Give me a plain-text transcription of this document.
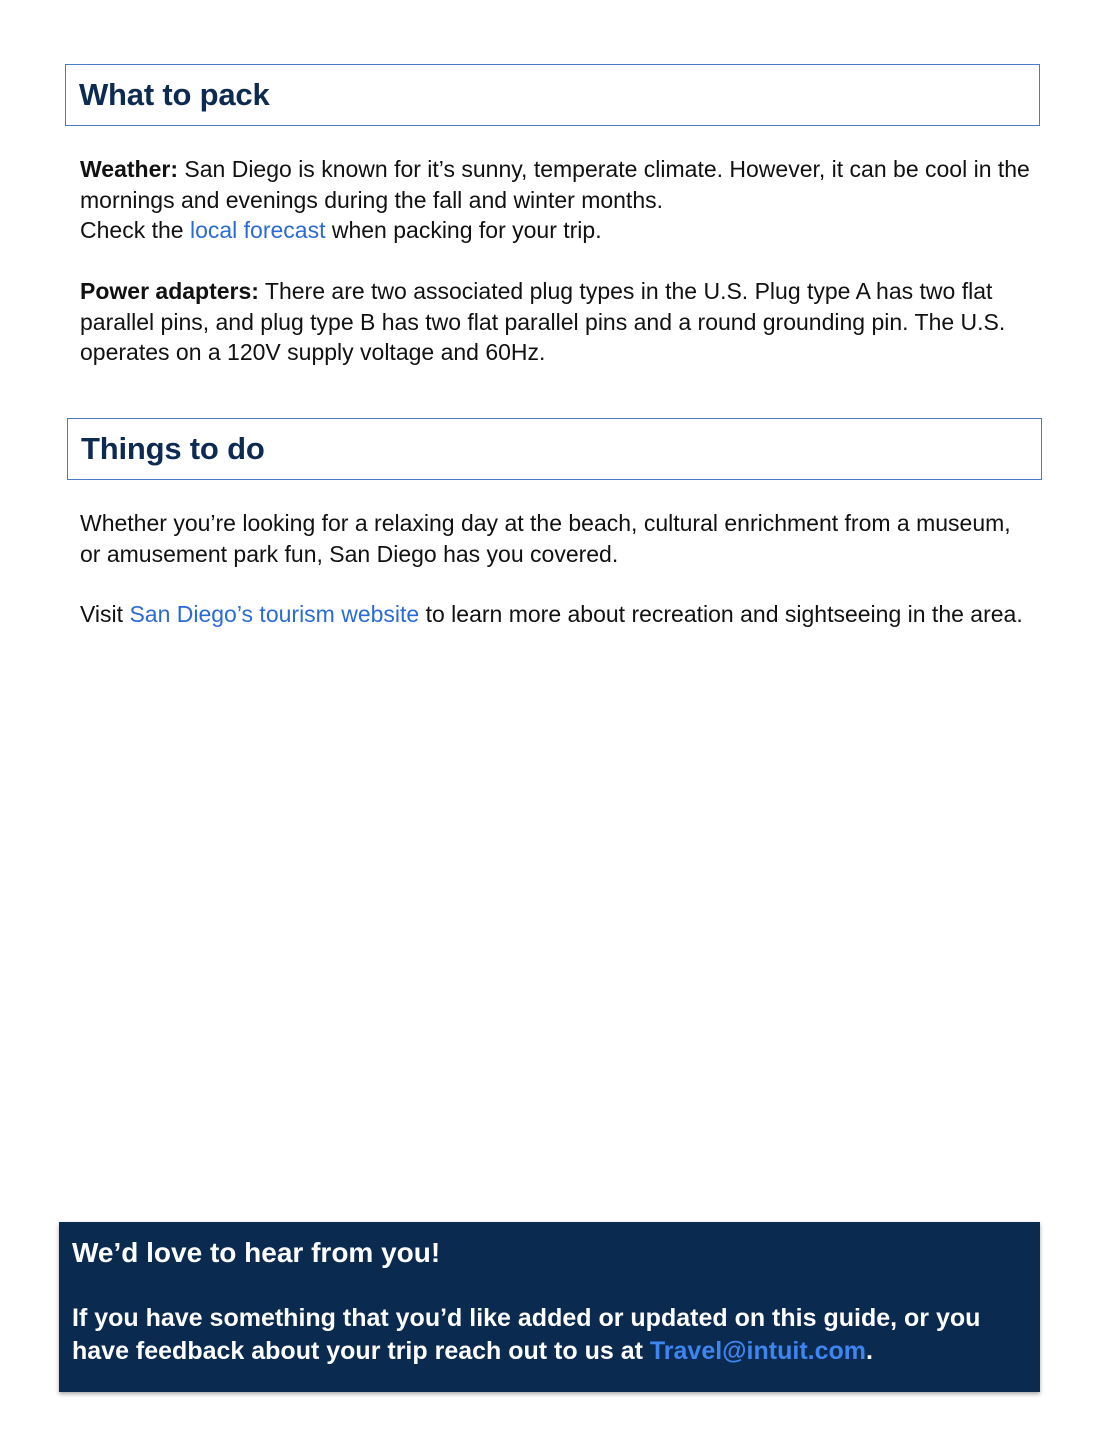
What to pack

Weather: San Diego is known for it’s sunny, temperate climate. However, it can be cool in the mornings and evenings during the fall and winter months.
Check the local forecast when packing for your trip.

Power adapters: There are two associated plug types in the U.S. Plug type A has two flat parallel pins, and plug type B has two flat parallel pins and a round grounding pin. The U.S. operates on a 120V supply voltage and 60Hz.

Things to do

Whether you’re looking for a relaxing day at the beach, cultural enrichment from a museum, or amusement park fun, San Diego has you covered.

Visit San Diego’s tourism website to learn more about recreation and sightseeing in the area.

We’d love to hear from you!

If you have something that you’d like added or updated on this guide, or you have feedback about your trip reach out to us at Travel@intuit.com.
